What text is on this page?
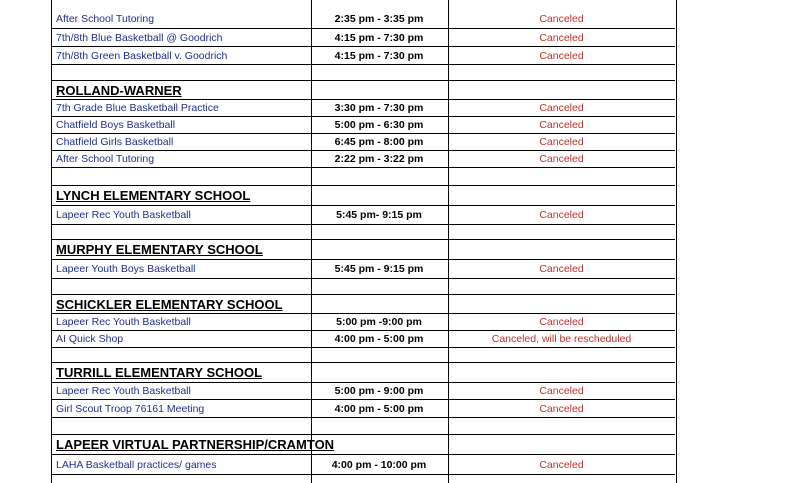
After School Tutoring	2:35 pm - 3:35 pm	Canceled
7th/8th Blue Basketball @ Goodrich	4:15 pm - 7:30 pm	Canceled
7th/8th Green Basketball v. Goodrich	4:15 pm - 7:30 pm	Canceled
ROLLAND-WARNER
7th Grade Blue Basketball Practice	3:30 pm - 7:30 pm	Canceled
Chatfield Boys Basketball	5:00 pm - 6:30 pm	Canceled
Chatfield Girls Basketball	6:45 pm - 8:00 pm	Canceled
After School Tutoring	2:22 pm - 3:22 pm	Canceled
LYNCH ELEMENTARY SCHOOL
Lapeer Rec Youth Basketball	5:45 pm- 9:15 pm	Canceled
MURPHY ELEMENTARY SCHOOL
Lapeer Youth Boys Basketball	5:45 pm - 9:15 pm	Canceled
SCHICKLER ELEMENTARY SCHOOL
Lapeer Rec Youth Basketball	5:00 pm -9:00 pm	Canceled
AI Quick Shop	4:00 pm - 5:00 pm	Canceled, will be rescheduled
TURRILL ELEMENTARY SCHOOL
Lapeer Rec Youth Basketball	5:00 pm - 9:00 pm	Canceled
Girl Scout Troop 76161 Meeting	4:00 pm - 5:00 pm	Canceled
LAPEER VIRTUAL PARTNERSHIP/CRAMTON
LAHA Basketball practices/ games	4:00 pm - 10:00 pm	Canceled
